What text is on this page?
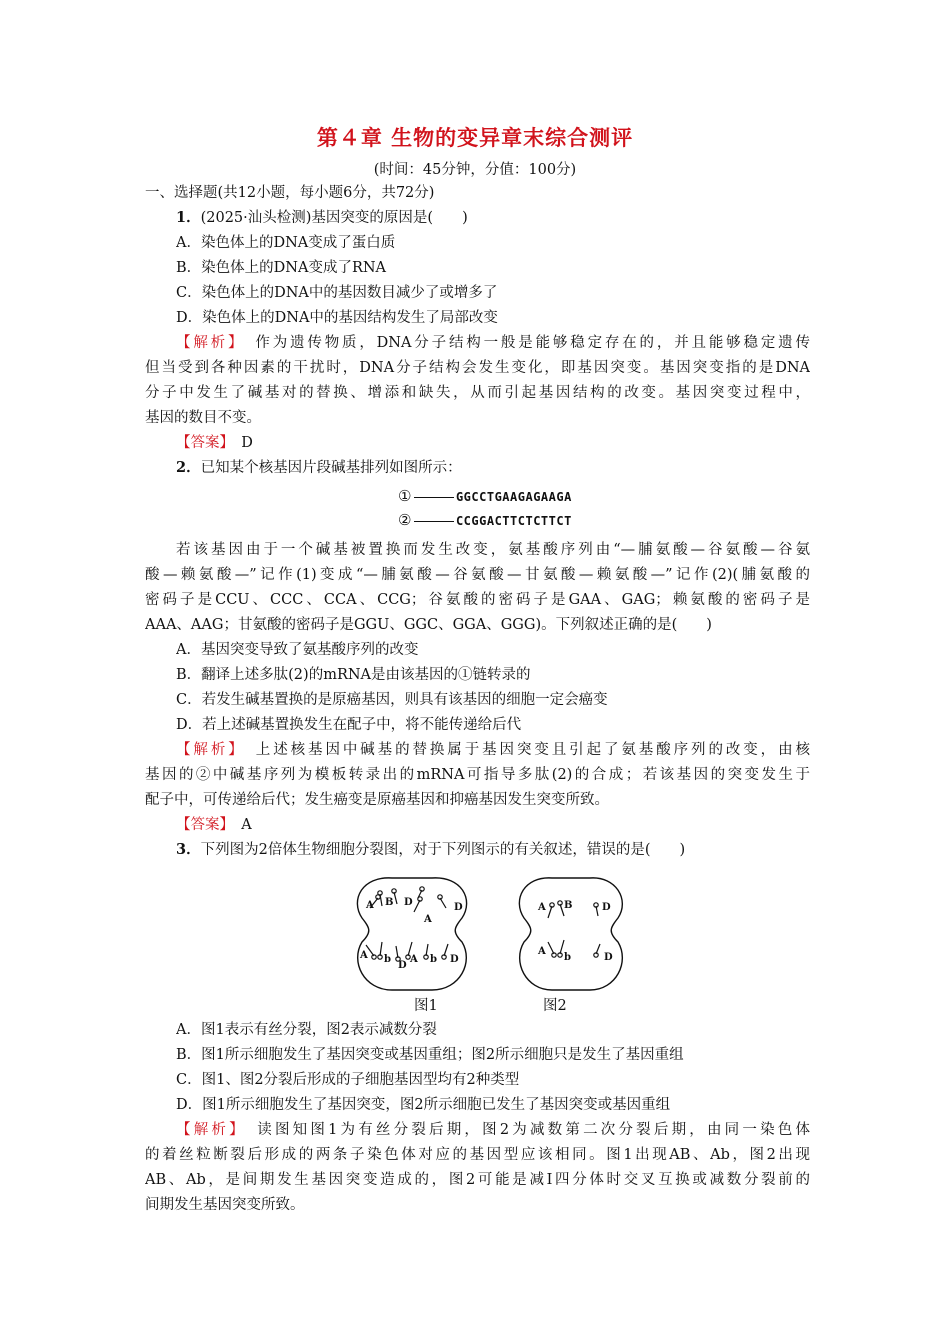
第４章 生物的变异章末综合测评
(时间：45分钟，分值：100分)
一、选择题(共12小题，每小题6分，共72分)
1．(2025·汕头检测)基因突变的原因是(　　)
A．染色体上的DNA变成了蛋白质
B．染色体上的DNA变成了RNA
C．染色体上的DNA中的基因数目减少了或增多了
D．染色体上的DNA中的基因结构发生了局部改变
【解析】　作为遗传物质，DNA分子结构一般是能够稳定存在的，并且能够稳定遗传
但当受到各种因素的干扰时，DNA分子结构会发生变化，即基因突变。基因突变指的是DNA
分子中发生了碱基对的替换、增添和缺失，从而引起基因结构的改变。基因突变过程中，
基因的数目不变。
【答案】　D
2．已知某个核基因片段碱基排列如图所示：
①	GGCCTGAAGAGAAGA
②	CCGGACTTCTCTTCT
若该基因由于一个碱基被置换而发生改变，氨基酸序列由“—脯氨酸—谷氨酸—谷氨
酸—赖氨酸—”记作(1)变成“—脯氨酸—谷氨酸—甘氨酸—赖氨酸—”记作(2)(脯氨酸的
密码子是CCU、CCC、CCA、CCG；谷氨酸的密码子是GAA、GAG；赖氨酸的密码子是
AAA、AAG；甘氨酸的密码子是GGU、GGC、GGA、GGG)。下列叙述正确的是(　　)
A．基因突变导致了氨基酸序列的改变
B．翻译上述多肽(2)的mRNA是由该基因的①链转录的
C．若发生碱基置换的是原癌基因，则具有该基因的细胞一定会癌变
D．若上述碱基置换发生在配子中，将不能传递给后代
【解析】　上述核基因中碱基的替换属于基因突变且引起了氨基酸序列的改变，由核
基因的②中碱基序列为模板转录出的mRNA可指导多肽(2)的合成；若该基因的突变发生于
配子中，可传递给后代；发生癌变是原癌基因和抑癌基因发生突变所致。
【答案】　A
3．下列图为2倍体生物细胞分裂图，对于下列图示的有关叙述，错误的是(　　)
A B D
A
D
A b
D
A b D
A B	D
A
b	D
图1	图2
A．图1表示有丝分裂，图2表示减数分裂
B．图1所示细胞发生了基因突变或基因重组；图2所示细胞只是发生了基因重组
C．图1、图2分裂后形成的子细胞基因型均有2种类型
D．图1所示细胞发生了基因突变，图2所示细胞已发生了基因突变或基因重组
【解析】　读图知图1为有丝分裂后期，图2为减数第二次分裂后期，由同一染色体
的着丝粒断裂后形成的两条子染色体对应的基因型应该相同。图1出现AB、Ab，图2出现
AB、Ab，是间期发生基因突变造成的，图2可能是减Ⅰ四分体时交叉互换或减数分裂前的
间期发生基因突变所致。
